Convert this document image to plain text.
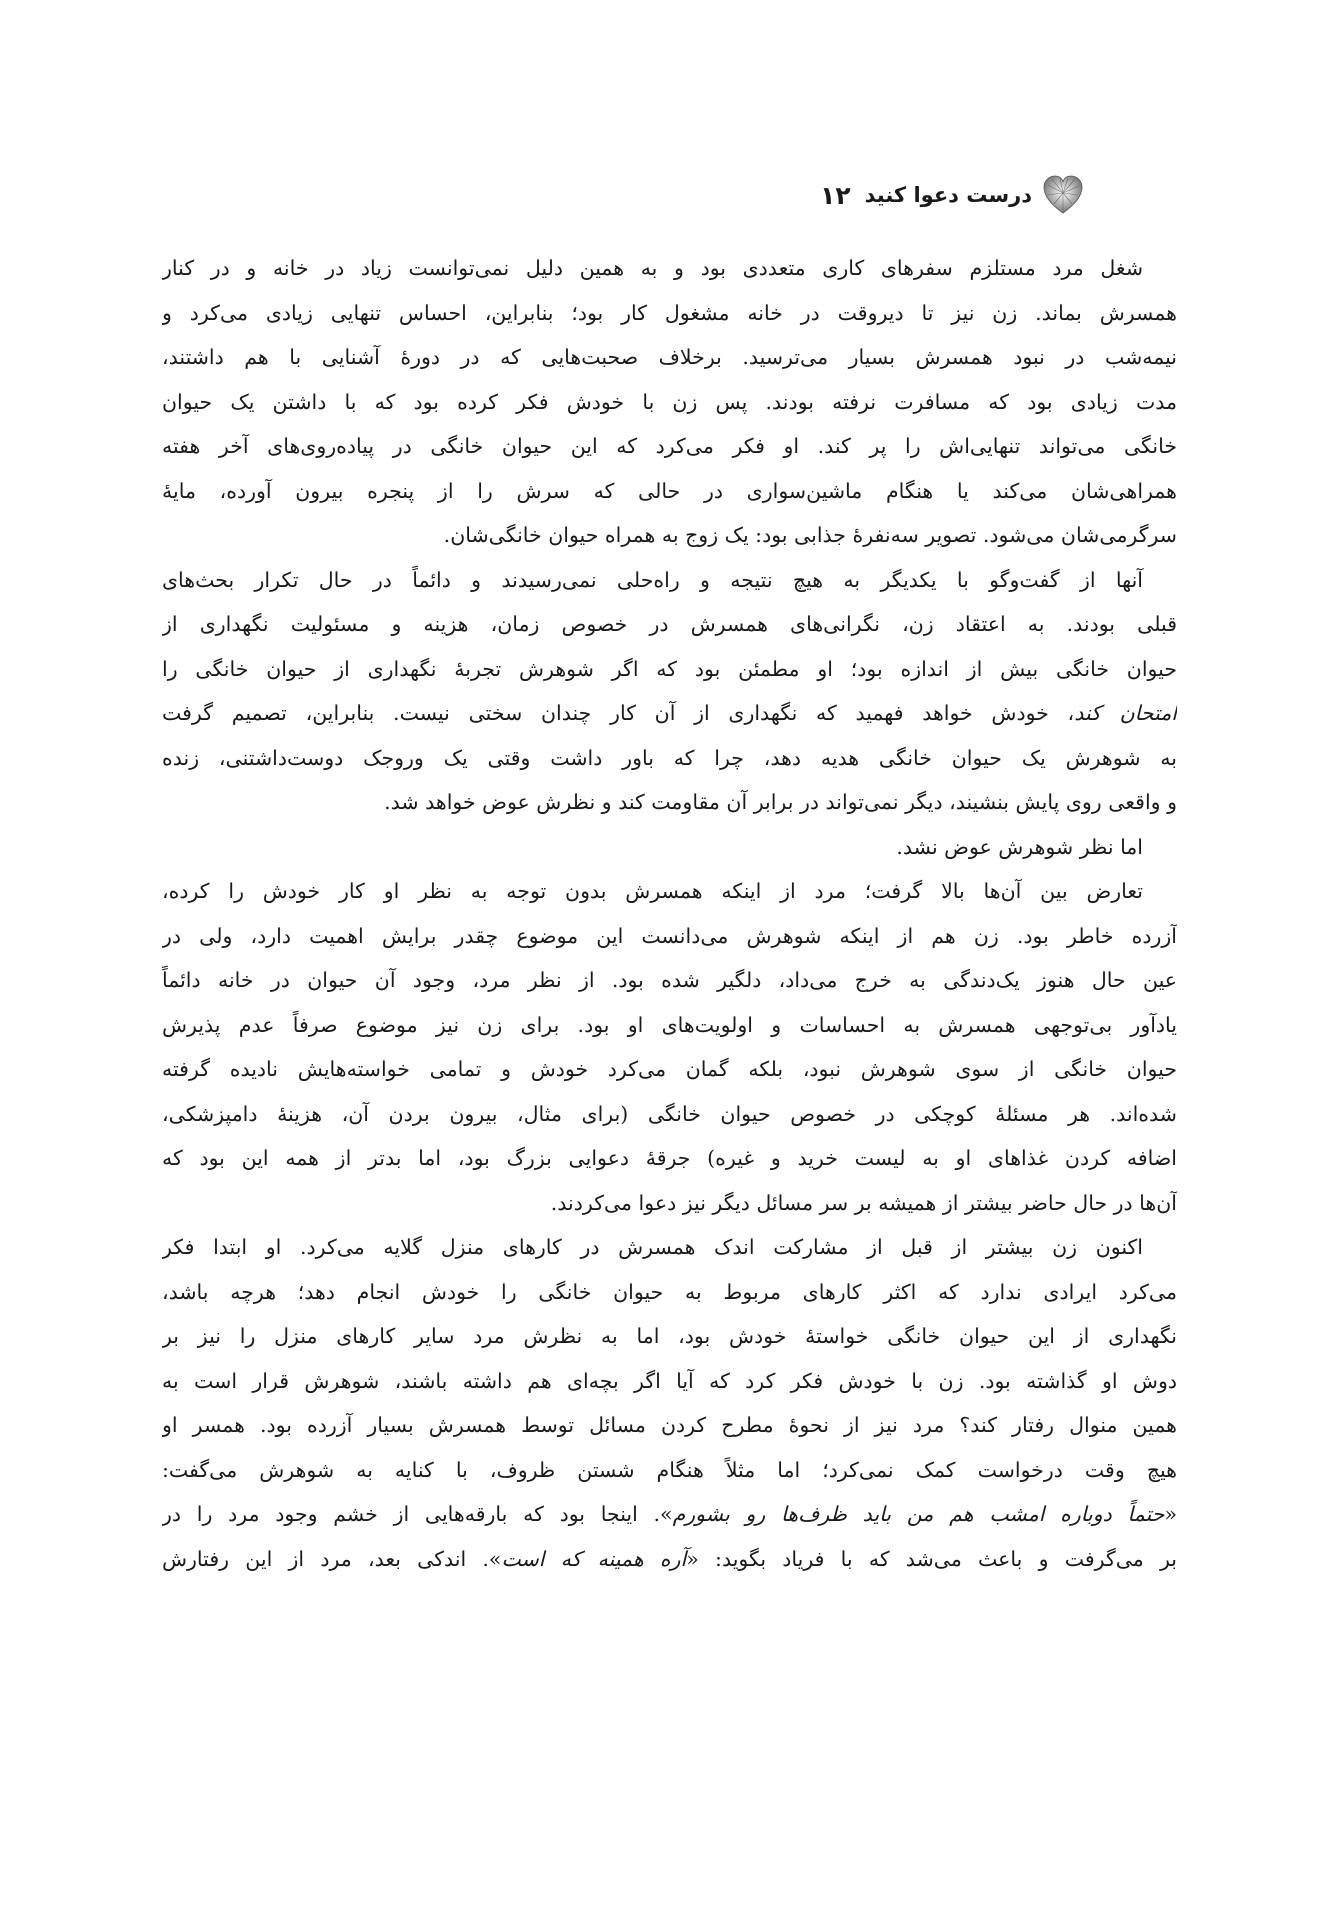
۱۲ درست دعوا کنید
شغل مرد مستلزم سفرهای کاری متعددی بود و به همین دلیل نمی‌توانست زیاد در خانه و در کنار
همسرش بماند. زن نیز تا دیروقت در خانه مشغول کار بود؛ بنابراین، احساس تنهایی زیادی می‌کرد و
نیمه‌شب در نبود همسرش بسیار می‌ترسید. برخلاف صحبت‌هایی که در دورهٔ آشنایی با هم داشتند،
مدت زیادی بود که مسافرت نرفته بودند. پس زن با خودش فکر کرده بود که با داشتن یک حیوان
خانگی می‌تواند تنهایی‌اش را پر کند. او فکر می‌کرد که این حیوان خانگی در پیاده‌روی‌های آخر هفته
همراهی‌شان می‌کند یا هنگام ماشین‌سواری در حالی که سرش را از پنجره بیرون آورده، مایهٔ
سرگرمی‌شان می‌شود. تصویر سه‌نفرهٔ جذابی بود: یک زوج به همراه حیوان خانگی‌شان.
آنها از گفت‌وگو با یکدیگر به هیچ نتیجه و راه‌حلی نمی‌رسیدند و دائماً در حال تکرار بحث‌های
قبلی بودند. به اعتقاد زن، نگرانی‌های همسرش در خصوص زمان، هزینه و مسئولیت نگهداری از
حیوان خانگی بیش از اندازه بود؛ او مطمئن بود که اگر شوهرش تجربهٔ نگهداری از حیوان خانگی را
امتحان کند، خودش خواهد فهمید که نگهداری از آن کار چندان سختی نیست. بنابراین، تصمیم گرفت
به شوهرش یک حیوان خانگی هدیه دهد، چرا که باور داشت وقتی یک وروجک دوست‌داشتنی، زنده
و واقعی روی پایش بنشیند، دیگر نمی‌تواند در برابر آن مقاومت کند و نظرش عوض خواهد شد.
اما نظر شوهرش عوض نشد.
تعارض بین آن‌ها بالا گرفت؛ مرد از اینکه همسرش بدون توجه به نظر او کار خودش را کرده،
آزرده خاطر بود. زن هم از اینکه شوهرش می‌دانست این موضوع چقدر برایش اهمیت دارد، ولی در
عین حال هنوز یک‌دندگی به خرج می‌داد، دلگیر شده بود. از نظر مرد، وجود آن حیوان در خانه دائماً
یادآور بی‌توجهی همسرش به احساسات و اولویت‌های او بود. برای زن نیز موضوع صرفاً عدم پذیرش
حیوان خانگی از سوی شوهرش نبود، بلکه گمان می‌کرد خودش و تمامی خواسته‌هایش نادیده گرفته
شده‌اند. هر مسئلهٔ کوچکی در خصوص حیوان خانگی (برای مثال، بیرون بردن آن، هزینهٔ دامپزشکی،
اضافه کردن غذاهای او به لیست خرید و غیره) جرقهٔ دعوایی بزرگ بود، اما بدتر از همه این بود که
آن‌ها در حال حاضر بیشتر از همیشه بر سر مسائل دیگر نیز دعوا می‌کردند.
اکنون زن بیشتر از قبل از مشارکت اندک همسرش در کارهای منزل گلایه می‌کرد. او ابتدا فکر
می‌کرد ایرادی ندارد که اکثر کارهای مربوط به حیوان خانگی را خودش انجام دهد؛ هرچه باشد،
نگهداری از این حیوان خانگی خواستهٔ خودش بود، اما به نظرش مرد سایر کارهای منزل را نیز بر
دوش او گذاشته بود. زن با خودش فکر کرد که آیا اگر بچه‌ای هم داشته باشند، شوهرش قرار است به
همین منوال رفتار کند؟ مرد نیز از نحوهٔ مطرح کردن مسائل توسط همسرش بسیار آزرده بود. همسر او
هیچ وقت درخواست کمک نمی‌کرد؛ اما مثلاً هنگام شستن ظروف، با کنایه به شوهرش می‌گفت:
«حتماً دوباره امشب هم من باید ظرف‌ها رو بشورم». اینجا بود که بارقه‌هایی از خشم وجود مرد را در
بر می‌گرفت و باعث می‌شد که با فریاد بگوید: «آره همینه که است». اندکی بعد، مرد از این رفتارش
